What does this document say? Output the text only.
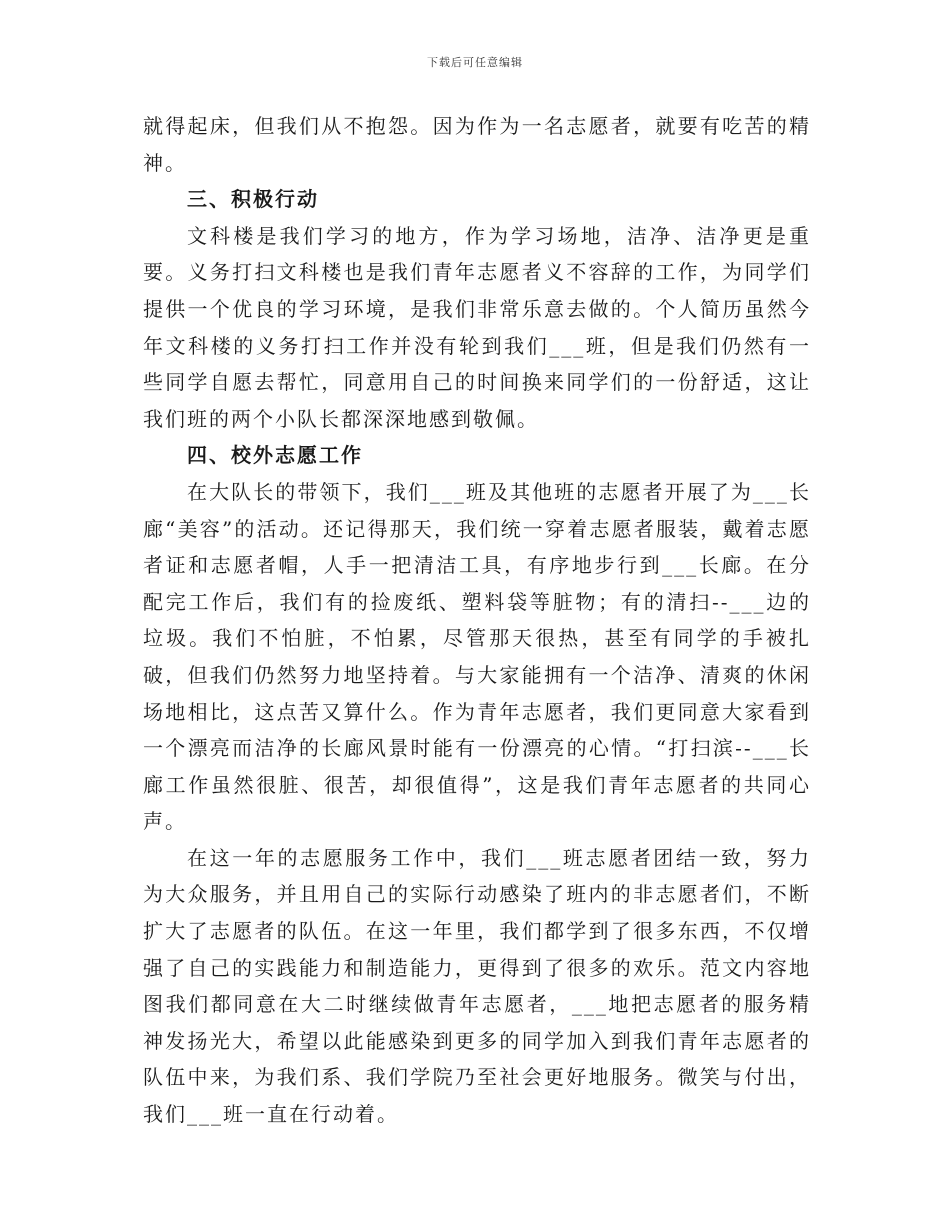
下载后可任意编辑

就得起床，但我们从不抱怨。因为作为一名志愿者，就要有吃苦的精神。

三、积极行动

文科楼是我们学习的地方，作为学习场地，洁净、洁净更是重要。义务打扫文科楼也是我们青年志愿者义不容辞的工作，为同学们提供一个优良的学习环境，是我们非常乐意去做的。个人简历虽然今年文科楼的义务打扫工作并没有轮到我们___班，但是我们仍然有一些同学自愿去帮忙，同意用自己的时间换来同学们的一份舒适，这让我们班的两个小队长都深深地感到敬佩。

四、校外志愿工作

在大队长的带领下，我们___班及其他班的志愿者开展了为___长廊“美容”的活动。还记得那天，我们统一穿着志愿者服装，戴着志愿者证和志愿者帽，人手一把清洁工具，有序地步行到___长廊。在分配完工作后，我们有的捡废纸、塑料袋等脏物；有的清扫--___边的垃圾。我们不怕脏，不怕累，尽管那天很热，甚至有同学的手被扎破，但我们仍然努力地坚持着。与大家能拥有一个洁净、清爽的休闲场地相比，这点苦又算什么。作为青年志愿者，我们更同意大家看到一个漂亮而洁净的长廊风景时能有一份漂亮的心情。“打扫滨--___长廊工作虽然很脏、很苦，却很值得”，这是我们青年志愿者的共同心声。

在这一年的志愿服务工作中，我们___班志愿者团结一致，努力为大众服务，并且用自己的实际行动感染了班内的非志愿者们，不断扩大了志愿者的队伍。在这一年里，我们都学到了很多东西，不仅增强了自己的实践能力和制造能力，更得到了很多的欢乐。范文内容地图我们都同意在大二时继续做青年志愿者，___地把志愿者的服务精神发扬光大，希望以此能感染到更多的同学加入到我们青年志愿者的队伍中来，为我们系、我们学院乃至社会更好地服务。微笑与付出，我们___班一直在行动着。
